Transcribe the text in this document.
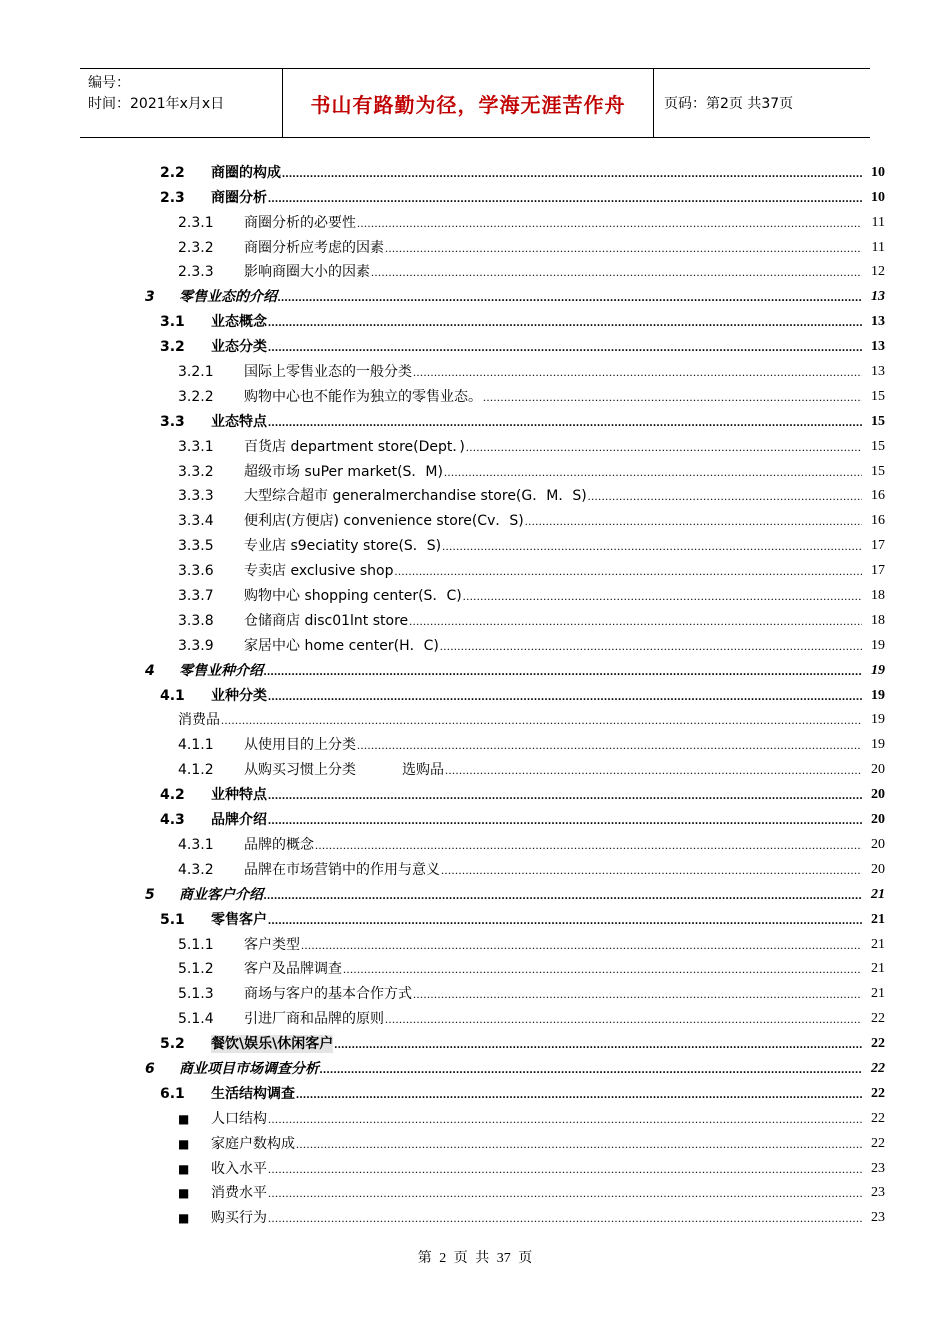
编号：
时间：2021年x月x日	书山有路勤为径，学海无涯苦作舟	页码：第2页 共37页
2.2	商圈的构成 .....	10
2.3	商圈分析 .....	10
2.3.1	商圈分析的必要性 .....	11
2.3.2	商圈分析应考虑的因素 .....	11
2.3.3	影响商圈大小的因素 .....	12
3	零售业态的介绍 .....	13
3.1	业态概念 .....	13
3.2	业态分类 .....	13
3.2.1	国际上零售业态的一般分类 .....	13
3.2.2	购物中心也不能作为独立的零售业态。 .....	15
3.3	业态特点 .....	15
3.3.1	百货店 department store(Dept．) .....	15
3.3.2	超级市场 suPer market(S．M) .....	15
3.3.3	大型综合超市 generalmerchandise store(G．M．S) .....	16
3.3.4	便利店(方便店) convenience store(Cv．S) .....	16
3.3.5	专业店 s9eciatity store(S．S) .....	17
3.3.6	专卖店 exclusive shop .....	17
3.3.7	购物中心 shopping center(S．C) .....	18
3.3.8	仓储商店 disc01lnt store .....	18
3.3.9	家居中心 home center(H．C) .....	19
4	零售业种介绍 .....	19
4.1	业种分类 .....	19
消费品 .....	19
4.1.1	从使用目的上分类 .....	19
4.1.2	从购买习惯上分类	选购品 .....	20
4.2	业种特点 .....	20
4.3	品牌介绍 .....	20
4.3.1	品牌的概念 .....	20
4.3.2	品牌在市场营销中的作用与意义 .....	20
5	商业客户介绍 .....	21
5.1	零售客户 .....	21
5.1.1	客户类型 .....	21
5.1.2	客户及品牌调查 .....	21
5.1.3	商场与客户的基本合作方式 .....	21
5.1.4	引进厂商和品牌的原则 .....	22
5.2	餐饮\娱乐\休闲客户 .....	22
6	商业项目市场调查分析 .....	22
6.1	生活结构调查 .....	22
■	人口结构 .....	22
■	家庭户数构成 .....	22
■	收入水平 .....	23
■	消费水平 .....	23
■	购买行为 .....	23
第 2 页 共 37 页
